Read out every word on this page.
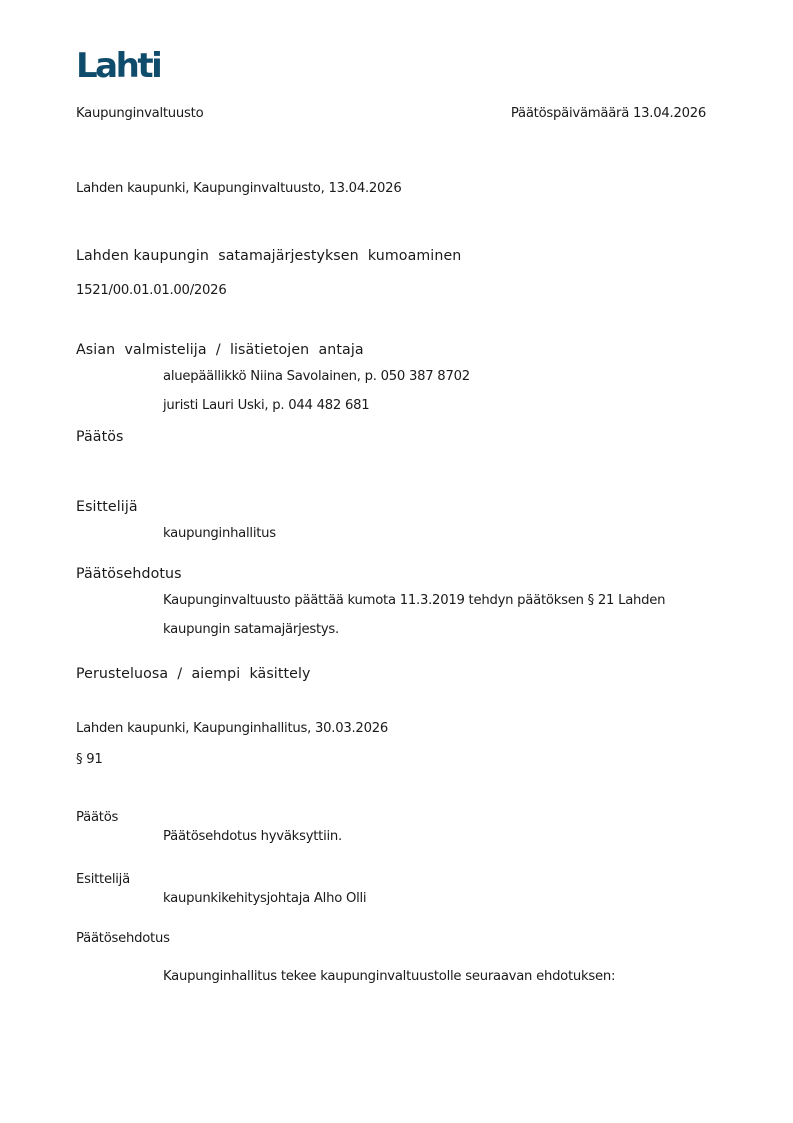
Lahti
Kaupunginvaltuusto	Päätöspäivämäärä 13.04.2026
Lahden kaupunki, Kaupunginvaltuusto, 13.04.2026
Lahden kaupungin  satamajärjestyksen  kumoaminen
1521/00.01.01.00/2026
Asian  valmistelija  /  lisätietojen  antaja
aluepäällikkö Niina Savolainen, p. 050 387 8702
juristi Lauri Uski, p. 044 482 681
Päätös
Esittelijä
kaupunginhallitus
Päätösehdotus
Kaupunginvaltuusto päättää kumota 11.3.2019 tehdyn päätöksen § 21 Lahden
kaupungin satamajärjestys.
Perusteluosa  /  aiempi  käsittely
Lahden kaupunki, Kaupunginhallitus, 30.03.2026
§ 91
Päätös
Päätösehdotus hyväksyttiin.
Esittelijä
kaupunkikehitysjohtaja Alho Olli
Päätösehdotus
Kaupunginhallitus tekee kaupunginvaltuustolle seuraavan ehdotuksen:
